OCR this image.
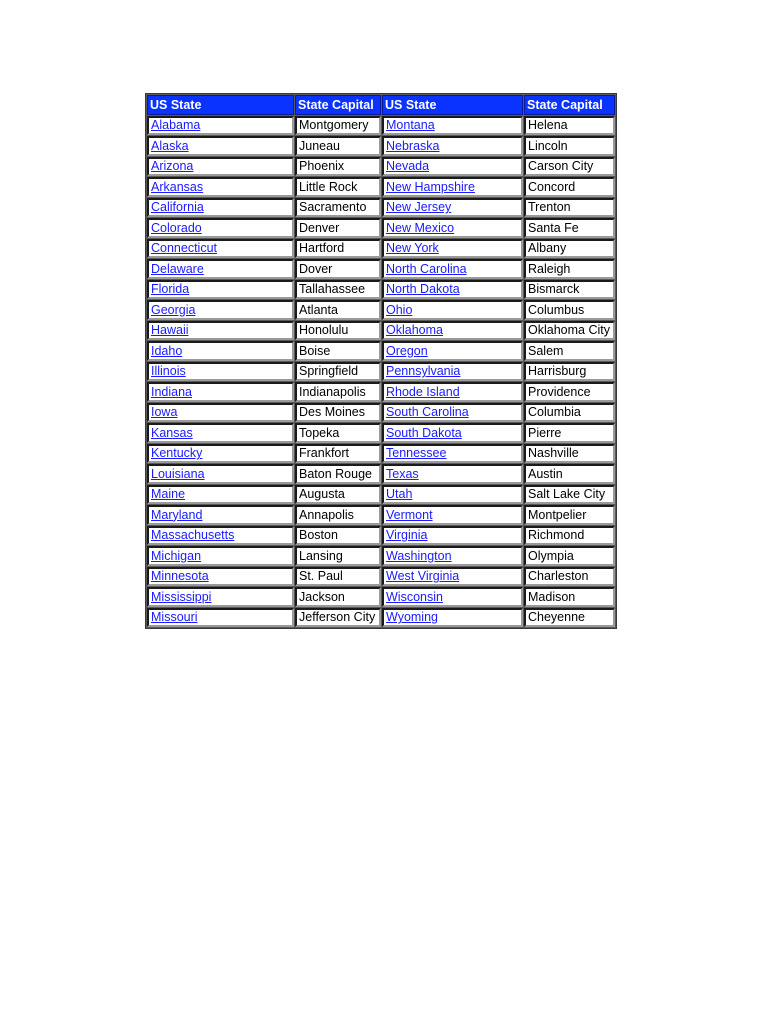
US State	State Capital	US State	State Capital
Alabama	Montgomery	Montana	Helena
Alaska	Juneau	Nebraska	Lincoln
Arizona	Phoenix	Nevada	Carson City
Arkansas	Little Rock	New Hampshire	Concord
California	Sacramento	New Jersey	Trenton
Colorado	Denver	New Mexico	Santa Fe
Connecticut	Hartford	New York	Albany
Delaware	Dover	North Carolina	Raleigh
Florida	Tallahassee	North Dakota	Bismarck
Georgia	Atlanta	Ohio	Columbus
Hawaii	Honolulu	Oklahoma	Oklahoma City
Idaho	Boise	Oregon	Salem
Illinois	Springfield	Pennsylvania	Harrisburg
Indiana	Indianapolis	Rhode Island	Providence
Iowa	Des Moines	South Carolina	Columbia
Kansas	Topeka	South Dakota	Pierre
Kentucky	Frankfort	Tennessee	Nashville
Louisiana	Baton Rouge	Texas	Austin
Maine	Augusta	Utah	Salt Lake City
Maryland	Annapolis	Vermont	Montpelier
Massachusetts	Boston	Virginia	Richmond
Michigan	Lansing	Washington	Olympia
Minnesota	St. Paul	West Virginia	Charleston
Mississippi	Jackson	Wisconsin	Madison
Missouri	Jefferson City	Wyoming	Cheyenne
